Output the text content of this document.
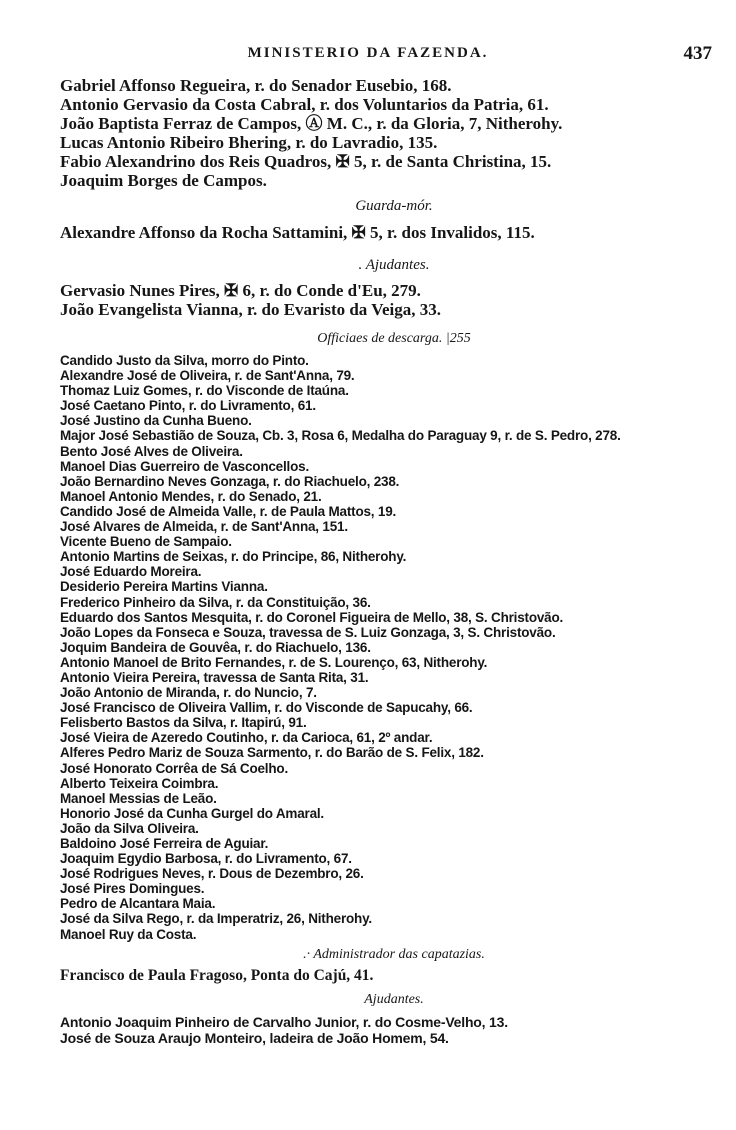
MINISTERIO DA FAZENDA.	437
Gabriel Affonso Regueira, r. do Senador Eusebio, 168.
Antonio Gervasio da Costa Cabral, r. dos Voluntarios da Patria, 61.
João Baptista Ferraz de Campos, Ⓐ M. C., r. da Gloria, 7, Nitherohy.
Lucas Antonio Ribeiro Bhering, r. do Lavradio, 135.
Fabio Alexandrino dos Reis Quadros, ✠ 5, r. de Santa Christina, 15.
Joaquim Borges de Campos.
Guarda-mór.
Alexandre Affonso da Rocha Sattamini, ✠ 5, r. dos Invalidos, 115.
. Ajudantes.
Gervasio Nunes Pires, ✠ 6, r. do Conde d'Eu, 279.
João Evangelista Vianna, r. do Evaristo da Veiga, 33.
Officiaes de descarga. |255
Candido Justo da Silva, morro do Pinto.
Alexandre José de Oliveira, r. de Sant'Anna, 79.
Thomaz Luiz Gomes, r. do Visconde de Itaúna.
José Caetano Pinto, r. do Livramento, 61.
José Justino da Cunha Bueno.
Major José Sebastião de Souza, Cb. 3, Rosa 6, Medalha do Paraguay 9, r. de S. Pedro, 278.
Bento José Alves de Oliveira.
Manoel Dias Guerreiro de Vasconcellos.
João Bernardino Neves Gonzaga, r. do Riachuelo, 238.
Manoel Antonio Mendes, r. do Senado, 21.
Candido José de Almeida Valle, r. de Paula Mattos, 19.
José Alvares de Almeida, r. de Sant'Anna, 151.
Vicente Bueno de Sampaio.
Antonio Martins de Seixas, r. do Principe, 86, Nitherohy.
José Eduardo Moreira.
Desiderio Pereira Martins Vianna.
Frederico Pinheiro da Silva, r. da Constituição, 36.
Eduardo dos Santos Mesquita, r. do Coronel Figueira de Mello, 38, S. Christovão.
João Lopes da Fonseca e Souza, travessa de S. Luiz Gonzaga, 3, S. Christovão.
Joquim Bandeira de Gouvêa, r. do Riachuelo, 136.
Antonio Manoel de Brito Fernandes, r. de S. Lourenço, 63, Nitherohy.
Antonio Vieira Pereira, travessa de Santa Rita, 31.
João Antonio de Miranda, r. do Nuncio, 7.
José Francisco de Oliveira Vallim, r. do Visconde de Sapucahy, 66.
Felisberto Bastos da Silva, r. Itapirú, 91.
José Vieira de Azeredo Coutinho, r. da Carioca, 61, 2º andar.
Alferes Pedro Mariz de Souza Sarmento, r. do Barão de S. Felix, 182.
José Honorato Corrêa de Sá Coelho.
Alberto Teixeira Coimbra.
Manoel Messias de Leão.
Honorio José da Cunha Gurgel do Amaral.
João da Silva Oliveira.
Baldoino José Ferreira de Aguiar.
Joaquim Egydio Barbosa, r. do Livramento, 67.
José Rodrigues Neves, r. Dous de Dezembro, 26.
José Pires Domingues.
Pedro de Alcantara Maia.
José da Silva Rego, r. da Imperatriz, 26, Nitherohy.
Manoel Ruy da Costa.
.· Administrador das capatazias.
Francisco de Paula Fragoso, Ponta do Cajú, 41.
Ajudantes.
Antonio Joaquim Pinheiro de Carvalho Junior, r. do Cosme-Velho, 13.
José de Souza Araujo Monteiro, ladeira de João Homem, 54.
